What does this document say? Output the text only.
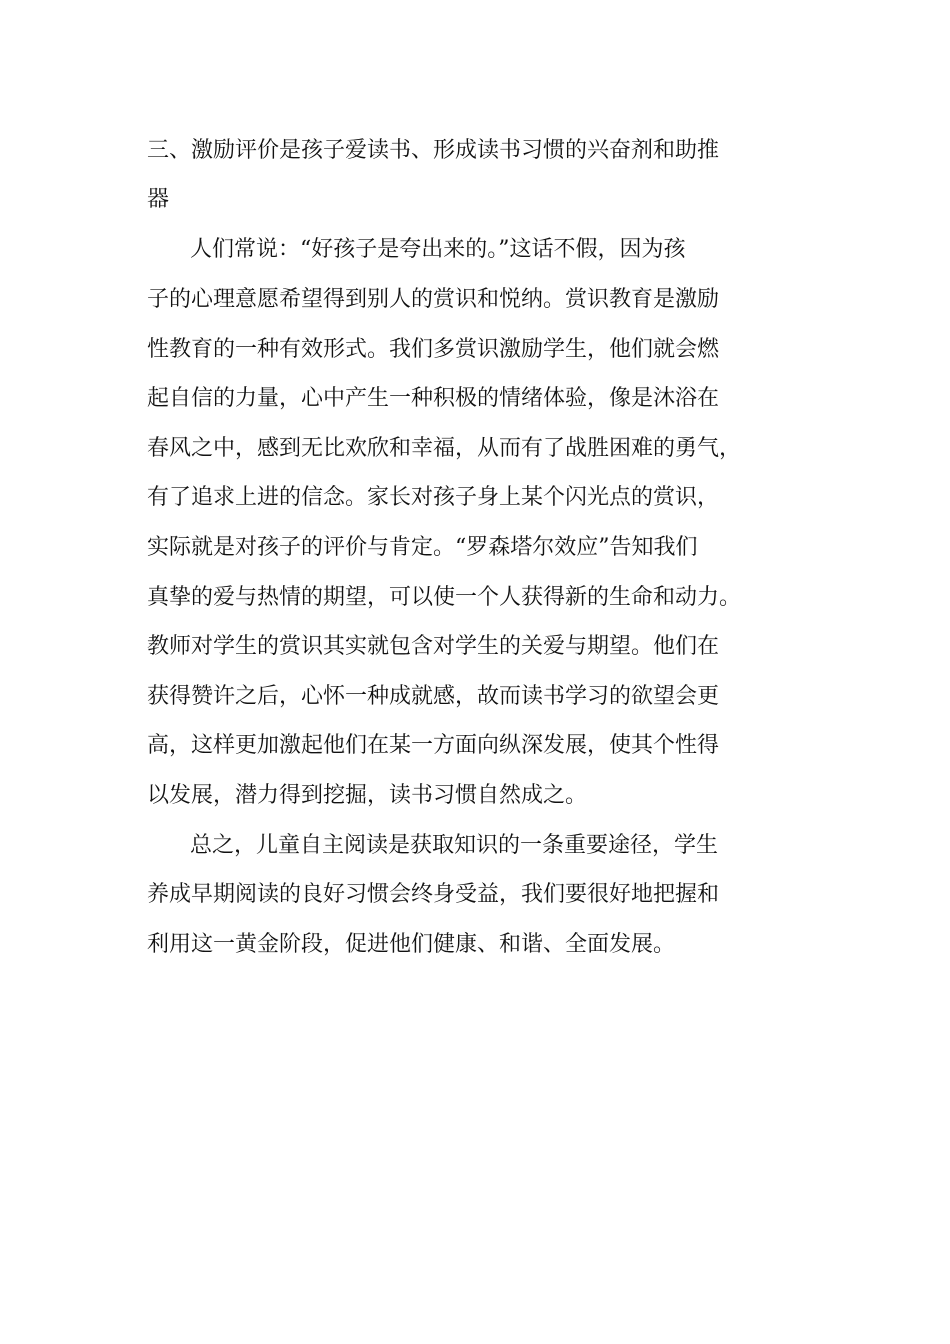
三、激励评价是孩子爱读书、形成读书习惯的兴奋剂和助推

器

人们常说：“好孩子是夸出来的。”这话不假，因为孩

子的心理意愿希望得到别人的赏识和悦纳。赏识教育是激励

性教育的一种有效形式。我们多赏识激励学生，他们就会燃

起自信的力量，心中产生一种积极的情绪体验，像是沐浴在

春风之中，感到无比欢欣和幸福，从而有了战胜困难的勇气，

有了追求上进的信念。家长对孩子身上某个闪光点的赏识，

实际就是对孩子的评价与肯定。“罗森塔尔效应”告知我们

真挚的爱与热情的期望，可以使一个人获得新的生命和动力。

教师对学生的赏识其实就包含对学生的关爱与期望。他们在

获得赞许之后，心怀一种成就感，故而读书学习的欲望会更

高，这样更加激起他们在某一方面向纵深发展，使其个性得

以发展，潜力得到挖掘，读书习惯自然成之。

总之，儿童自主阅读是获取知识的一条重要途径，学生

养成早期阅读的良好习惯会终身受益，我们要很好地把握和

利用这一黄金阶段，促进他们健康、和谐、全面发展。
